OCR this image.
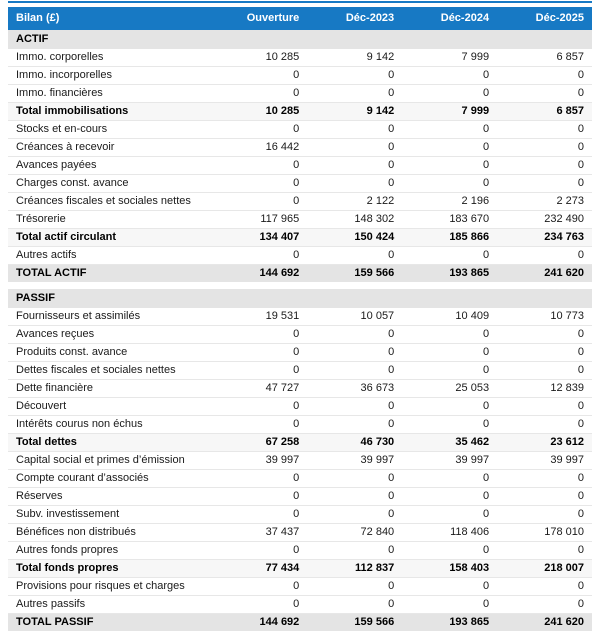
Bilan (£)	Ouverture	Déc-2023	Déc-2024	Déc-2025
ACTIF				
Immo. corporelles	10 285	9 142	7 999	6 857
Immo. incorporelles	0	0	0	0
Immo. financières	0	0	0	0
Total immobilisations	10 285	9 142	7 999	6 857
Stocks et en-cours	0	0	0	0
Créances à recevoir	16 442	0	0	0
Avances payées	0	0	0	0
Charges const. avance	0	0	0	0
Créances fiscales et sociales nettes	0	2 122	2 196	2 273
Trésorerie	117 965	148 302	183 670	232 490
Total actif circulant	134 407	150 424	185 866	234 763
Autres actifs	0	0	0	0
TOTAL ACTIF	144 692	159 566	193 865	241 620

PASSIF				
Fournisseurs et assimilés	19 531	10 057	10 409	10 773
Avances reçues	0	0	0	0
Produits const. avance	0	0	0	0
Dettes fiscales et sociales nettes	0	0	0	0
Dette financière	47 727	36 673	25 053	12 839
Découvert	0	0	0	0
Intérêts courus non échus	0	0	0	0
Total dettes	67 258	46 730	35 462	23 612
Capital social et primes d’émission	39 997	39 997	39 997	39 997
Compte courant d’associés	0	0	0	0
Réserves	0	0	0	0
Subv. investissement	0	0	0	0
Bénéfices non distribués	37 437	72 840	118 406	178 010
Autres fonds propres	0	0	0	0
Total fonds propres	77 434	112 837	158 403	218 007
Provisions pour risques et charges	0	0	0	0
Autres passifs	0	0	0	0
TOTAL PASSIF	144 692	159 566	193 865	241 620
